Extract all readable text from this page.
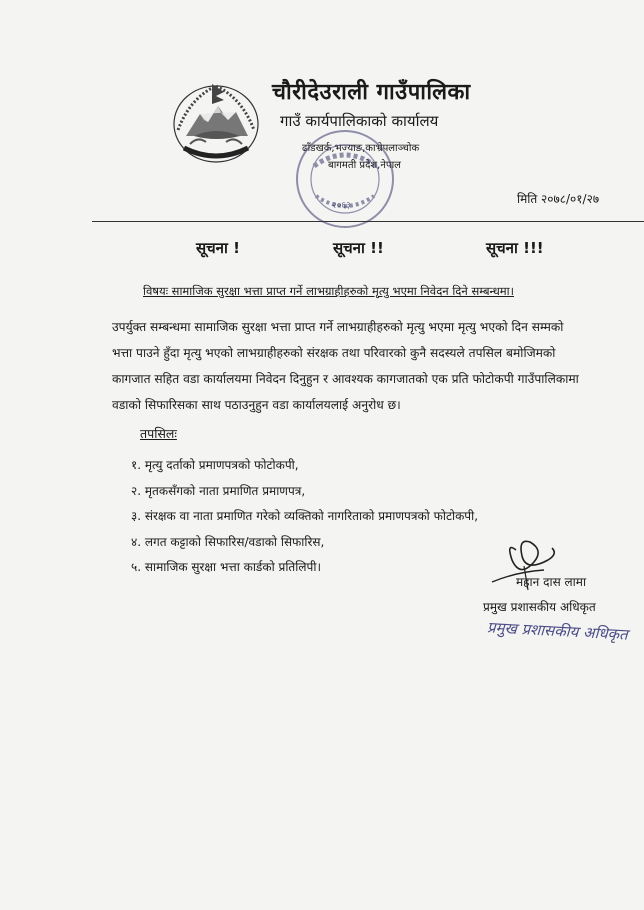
चौरीदेउराली गाउँपालिका
गाउँ कार्यपालिकाको कार्यालय
ढाँडखर्क,भज्याङ,काभ्रेपलाञ्चोक
बागमती प्रदेश,नेपाल
२०६३	मिति २०७८/०१/२७
सूचना !	सूचना !!	सूचना !!!
विषयः सामाजिक सुरक्षा भत्ता प्राप्त गर्ने लाभग्राहीहरुको मृत्यु भएमा निवेदन दिने सम्बन्धमा।
उपर्युक्त सम्बन्धमा सामाजिक सुरक्षा भत्ता प्राप्त गर्ने लाभग्राहीहरुको मृत्यु भएमा मृत्यु भएको दिन सम्मको
भत्ता पाउने हुँदा मृत्यु भएको लाभग्राहीहरुको संरक्षक तथा परिवारको कुनै सदस्यले तपसिल बमोजिमको
कागजात सहित वडा कार्यालयमा निवेदन दिनुहुन र आवश्यक कागजातको एक प्रति फोटोकपी गाउँपालिकामा
वडाको सिफारिसका साथ पठाउनुहुन वडा कार्यालयलाई अनुरोध छ।
तपसिलः
१. मृत्यु दर्ताको प्रमाणपत्रको फोटोकपी,
२. मृतकसँगको नाता प्रमाणित प्रमाणपत्र,
३. संरक्षक वा नाता प्रमाणित गरेको व्यक्तिको नागरिताको प्रमाणपत्रको फोटोकपी,
४. लगत कट्टाको सिफारिस/वडाको सिफारिस,
५. सामाजिक सुरक्षा भत्ता कार्डको प्रतिलिपी।
महान दास लामा
प्रमुख प्रशासकीय अधिकृत
प्रमुख प्रशासकीय अधिकृत
